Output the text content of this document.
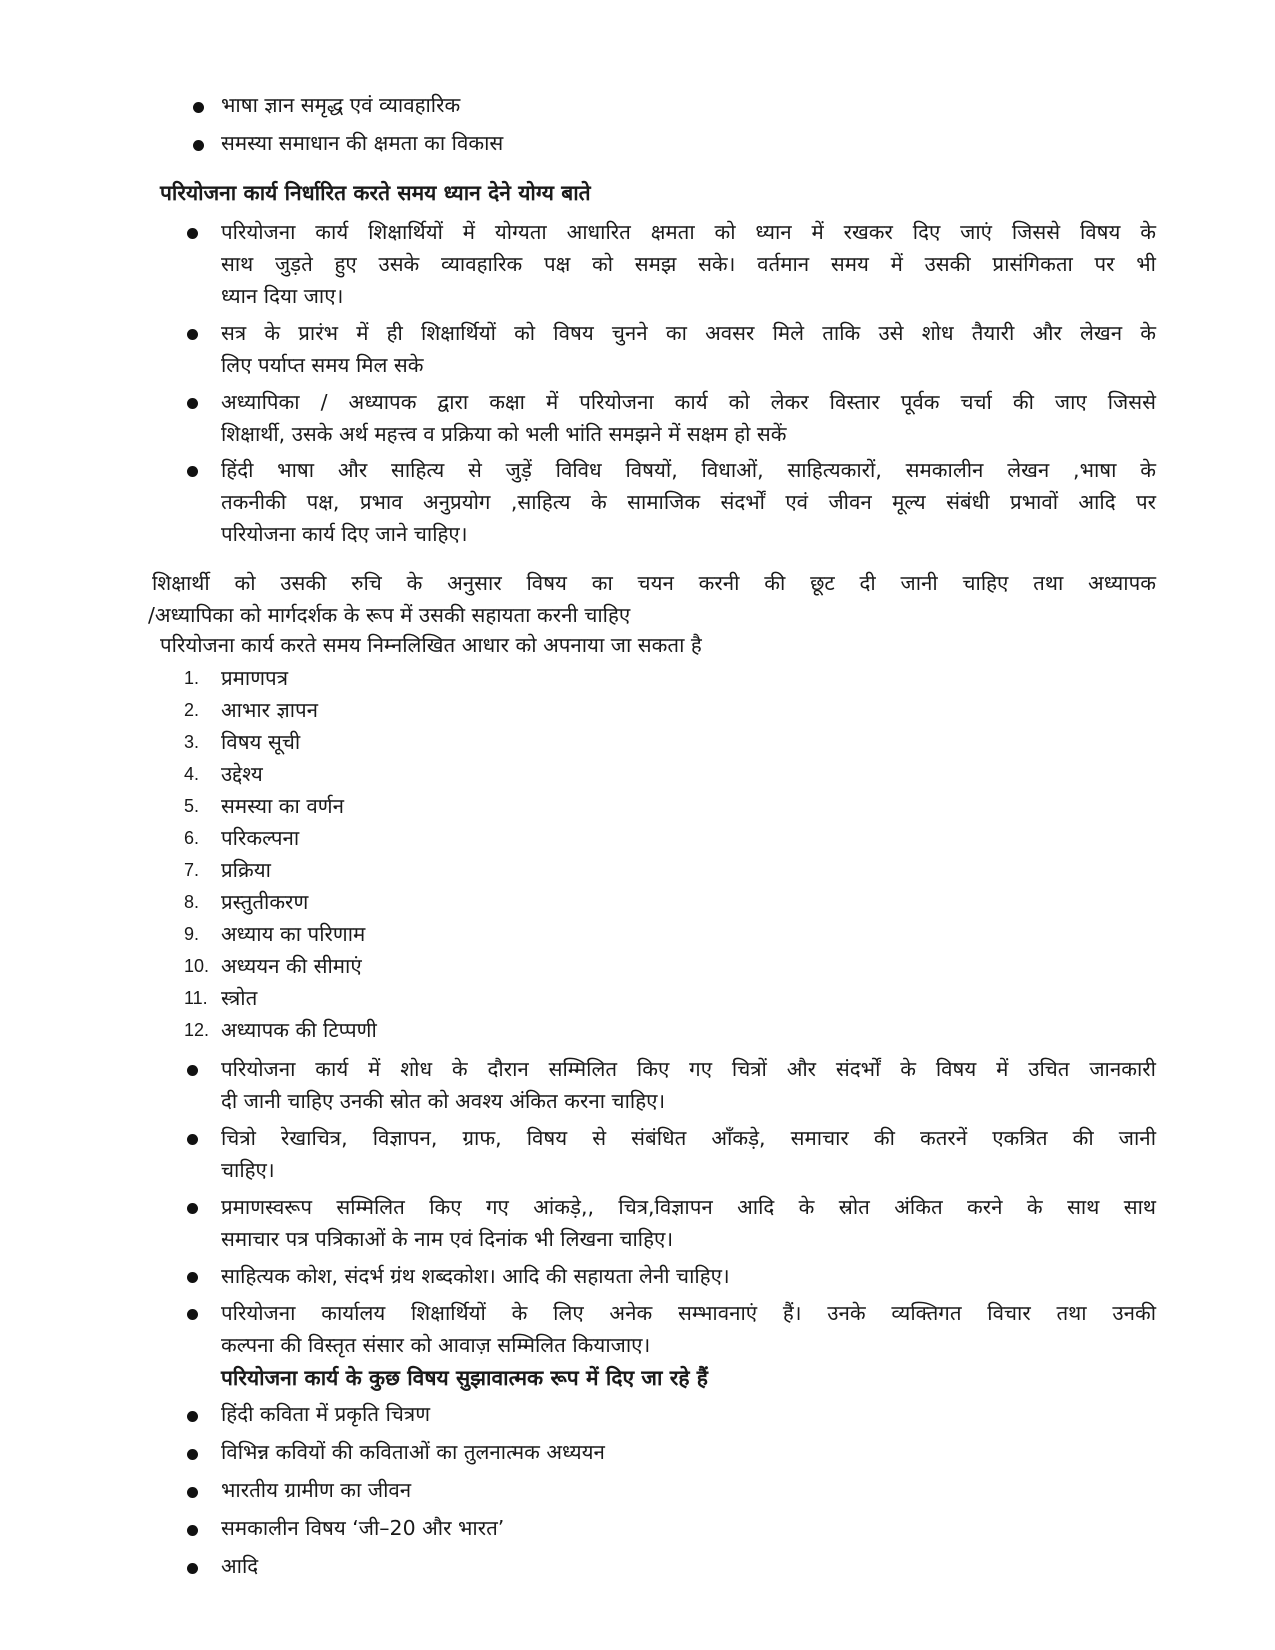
भाषा ज्ञान समृद्ध एवं व्यावहारिक
समस्या समाधान की क्षमता का विकास
परियोजना कार्य निर्धारित करते समय ध्यान देने योग्य बाते
परियोजना कार्य शिक्षार्थियों में योग्यता आधारित क्षमता को ध्यान में रखकर दिए जाएं जिससे विषय के
साथ जुड़ते हुए उसके व्यावहारिक पक्ष को समझ सके। वर्तमान समय में उसकी प्रासंगिकता पर भी
ध्यान दिया जाए।
सत्र के प्रारंभ में ही शिक्षार्थियों को विषय चुनने का अवसर मिले ताकि उसे शोध तैयारी और लेखन के
लिए पर्याप्त समय मिल सके
अध्यापिका / अध्यापक द्वारा कक्षा में परियोजना कार्य को लेकर विस्तार पूर्वक चर्चा की जाए जिससे
शिक्षार्थी, उसके अर्थ महत्त्व व प्रक्रिया को भली भांति समझने में सक्षम हो सकें
हिंदी भाषा और साहित्य से जुड़ें विविध विषयों, विधाओं, साहित्यकारों, समकालीन लेखन ,भाषा के
तकनीकी पक्ष, प्रभाव अनुप्रयोग ,साहित्य के सामाजिक संदर्भों एवं जीवन मूल्य संबंधी प्रभावों आदि पर
परियोजना कार्य दिए जाने चाहिए।
शिक्षार्थी को उसकी रुचि के अनुसार विषय का चयन करनी की छूट दी जानी चाहिए तथा अध्यापक
/अध्यापिका को मार्गदर्शक के रूप में उसकी सहायता करनी चाहिए
परियोजना कार्य करते समय निम्नलिखित आधार को अपनाया जा सकता है
1.	प्रमाणपत्र
2.	आभार ज्ञापन
3.	विषय सूची
4.	उद्देश्य
5.	समस्या का वर्णन
6.	परिकल्पना
7.	प्रक्रिया
8.	प्रस्तुतीकरण
9.	अध्याय का परिणाम
10. अध्ययन की सीमाएं
11. स्त्रोत
12. अध्यापक की टिप्पणी
परियोजना कार्य में शोध के दौरान सम्मिलित किए गए चित्रों और संदर्भों के विषय में उचित जानकारी
दी जानी चाहिए उनकी स्रोत को अवश्य अंकित करना चाहिए।
चित्रो रेखाचित्र, विज्ञापन, ग्राफ, विषय से संबंधित आँकड़े, समाचार की कतरनें एकत्रित की जानी
चाहिए।
प्रमाणस्वरूप सम्मिलित किए गए आंकड़े,, चित्र,विज्ञापन आदि के स्रोत अंकित करने के साथ साथ
समाचार पत्र पत्रिकाओं के नाम एवं दिनांक भी लिखना चाहिए।
साहित्यक कोश, संदर्भ ग्रंथ शब्दकोश। आदि की सहायता लेनी चाहिए।
परियोजना कार्यालय शिक्षार्थियों के लिए अनेक सम्भावनाएं हैं। उनके व्यक्तिगत विचार तथा उनकी
कल्पना की विस्तृत संसार को आवाज़ सम्मिलित कियाजाए।
परियोजना कार्य के कुछ विषय सुझावात्मक रूप में दिए जा रहे हैं
हिंदी कविता में प्रकृति चित्रण
विभिन्न कवियों की कविताओं का तुलनात्मक अध्ययन
भारतीय ग्रामीण का जीवन
समकालीन विषय ‘जी–20 और भारत’
आदि
